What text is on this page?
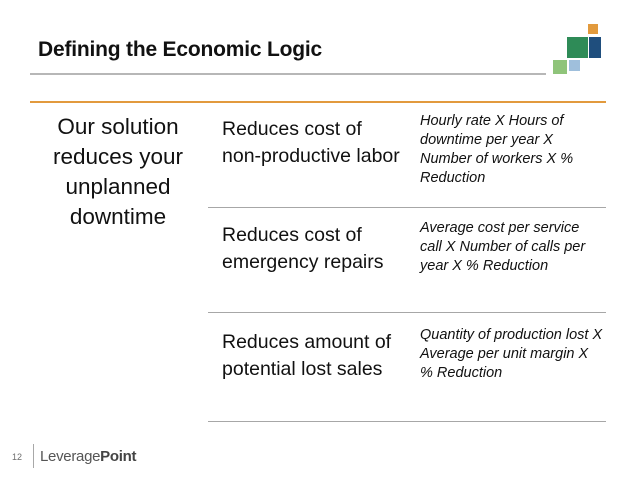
Defining the Economic Logic
Our solution reduces your unplanned downtime
Reduces cost of non-productive labor
Hourly rate X Hours of downtime per year X Number of workers X % Reduction
Reduces cost of emergency repairs
Average cost per service call X Number of calls per year X % Reduction
Reduces amount of potential lost sales
Quantity of production lost X Average per unit margin X % Reduction
12 LeveragePoint
